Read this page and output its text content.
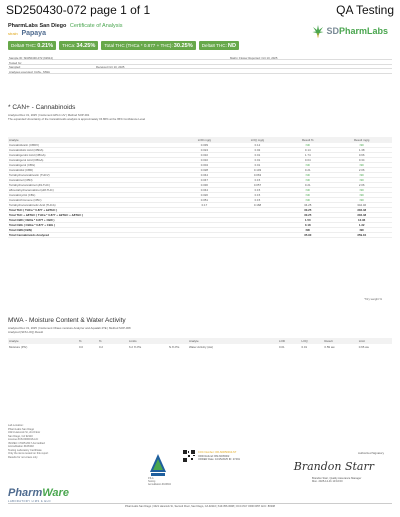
SD250430-072 page 1 of 1	QA Testing
PharmLabs San Diego Certificate of Analysis
strain Papaya
Delta9 THC:0.21%	THCa:34.25%	Total THC (THCa * 0.877 + THC):30.25%	Delta8 THC:ND
SDPharmLabs
Sample ID: SD250430-072 (92914)	Matrix: Flower Reported: Oct 10, 2025
Tested for:
Sampled:	Received Oct 10, 2025
Analyses executed: CAN+, MWA
* CAN+ - Cannabinoids
Analyzed Dec 31, 2025 | Instrument HPLC-UV | Method SOP-001
The expanded Uncertainty of the Cannabinoids analysis is approximately ±6.86% at the 95% Confidence Level
Analyte	LOD mg/g	LOQ mg/g	Result %	Result mg/g
Cannabidivarin (CBDV)	0.039	0.12	ND	ND
Cannabidiolic Acid (CBDA)	0.024	0.02	0.14	1.38
Cannabigerolic Acid (CBGA)	0.010	0.01	1.74	0.66
Cannabigerol Acid (CBGA)	0.010	0.01	0.04	0.34
Cannabigerol (CBG)	0.004	0.01	ND	ND
Cannabidiol (CBD)	0.028	0.103	0.21	2.06
Tetrahydrocannabivarin (THCV)	0.044	0.063	ND	ND
Cannabinol (CBN)	0.047	0.15	ND	ND
Tetrahydrocannabinol (Δ9-THC)	0.030	0.057	0.21	2.06
Δ8-tetrahydrocannabinol (Δ8-THC)	0.044	0.15	ND	ND
Cannabicyclol (CBL)	0.020	0.15	ND	ND
Cannabichromene (CBC)	0.051	0.15	ND	ND
Tetrahydrocannabinolic Acid (THCA)	0.17	0.168	34.25	342.46
Total THC ( THCa * 0.877 + Δ9THC )			30.25	302.48
Total THC + Δ8THC ( THCa * 0.877 + Δ9THC + Δ8THC )			30.25	302.48
Total CBD ( CBDa * 0.877 + CBD )			1.50	12.96
Total CBG ( CBGa * 0.877 + CBG )			0.18	1.32
Total CBN (CBN)			ND	ND
Total Cannabinoids Analyzed			35.90	359.04
*Dry weight %
MWA - Moisture Content & Water Activity
Analyzed Dec 31, 2025 | Instrument Ohaus moisture Analyzer and Aqualab 4TE | Method SOP-008
Analyzed (SFS LOQ) Result
Analyte	%	%	Limits		Analyte	LOD	LOQ	Result	Limit
Moisture (Phr)	0.0	0.2	6.2 % Pls	N.% Pls	Water Activity (Aw)	0.01	0.01	0.59 aw	0.65 aw
Lab Location:
PharmLabs San Diego
3421 Hancock St, 2nd Floor
San Diego, CA 92110
License #C8-0000016-LIC
ISO/IEC 17025:2017 Accredited
Accreditation #106302
Testing Laboratory Certificate
Only the items tested on this report
Results for non-trace only
PharmWare
LABORATORY LIMS & ELN
PJLA
Testing
Accreditation #106302
COC Number: OR-SD050310-ST
ORD Refund: RM-6005002
ORDER Date: 10/15/2025 ID: 27491
Authorized Signatory
Brandon Starr
Brandon Starr, Quality Assurance Manager
Mon. 2025-12-31 10:16:00
PharmLabs San Diego | 3421 Hancock St, Second Floor, San Diego, CA 92110 | 619.356.3098 | OCC.PAY ORR 0057 ACC: 80308
